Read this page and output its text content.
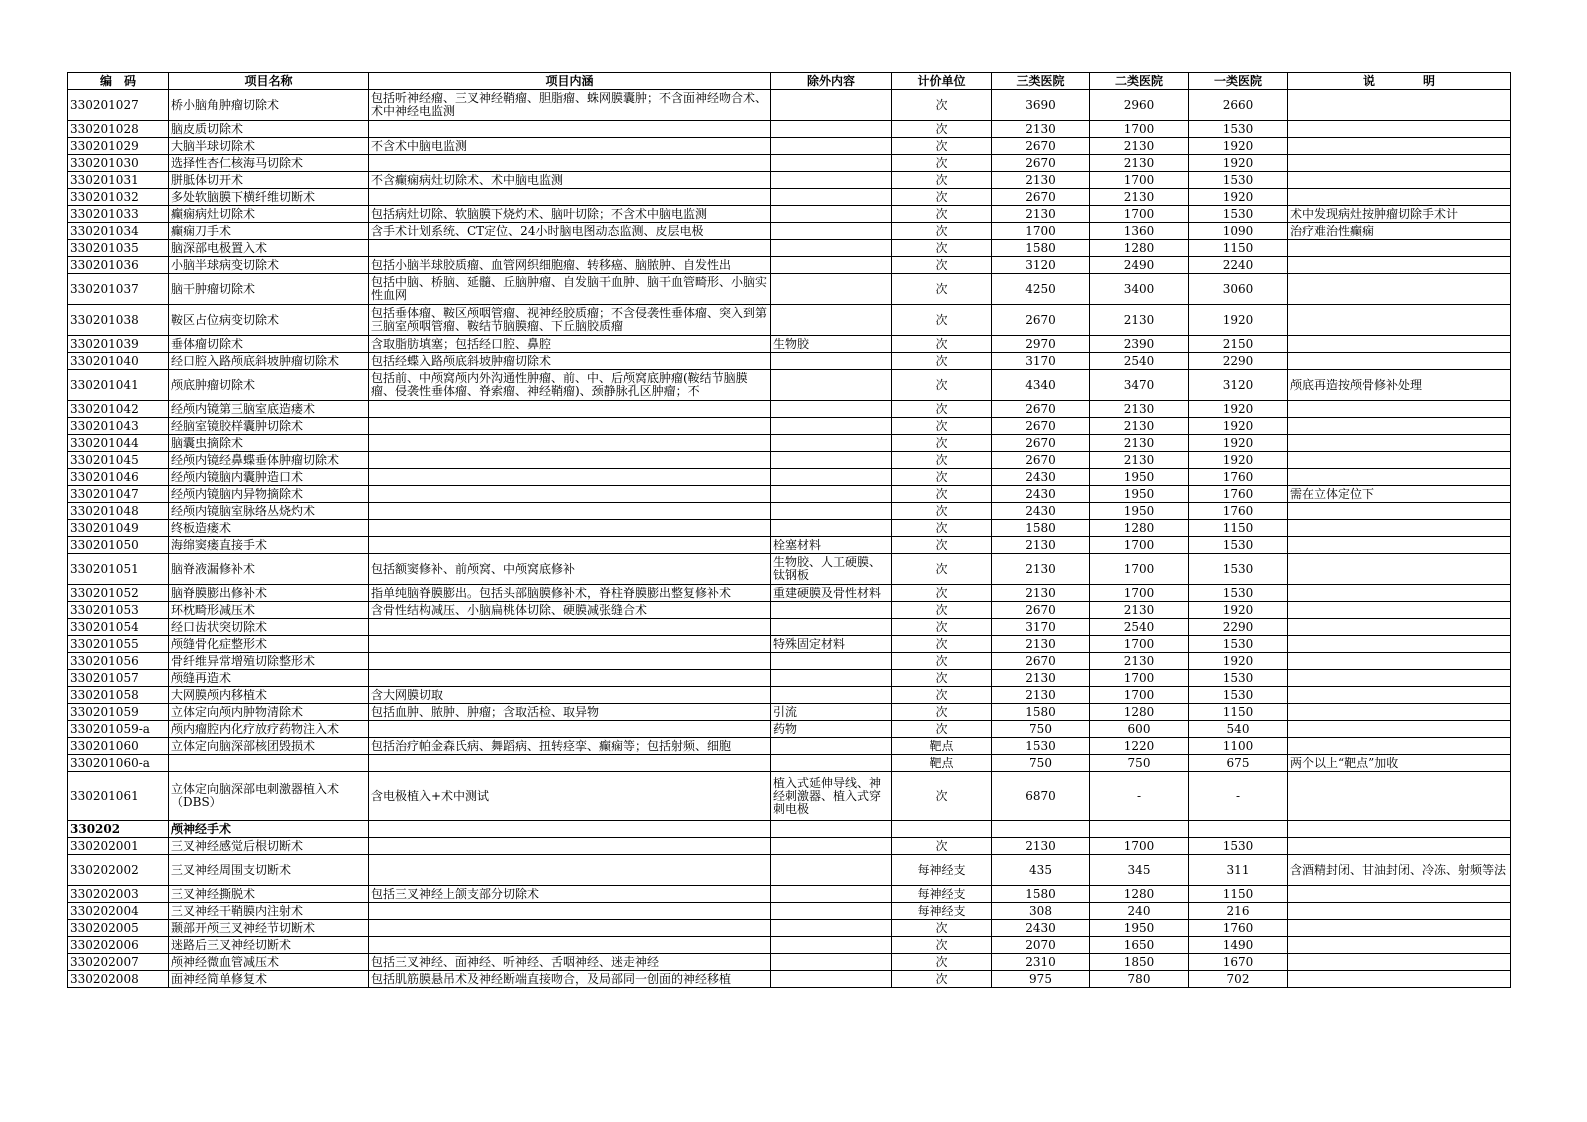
编　码	项目名称	项目内涵	除外内容	计价单位	三类医院	二类医院	一类医院	说　　　　明
330201027	桥小脑角肿瘤切除术	包括听神经瘤、三叉神经鞘瘤、胆脂瘤、蛛网膜囊肿；不含面神经吻合术、术中神经电监测		次	3690	2960	2660	
330201028	脑皮质切除术			次	2130	1700	1530	
330201029	大脑半球切除术	不含术中脑电监测		次	2670	2130	1920	
330201030	选择性杏仁核海马切除术			次	2670	2130	1920	
330201031	胼胝体切开术	不含癫痫病灶切除术、术中脑电监测		次	2130	1700	1530	
330201032	多处软脑膜下横纤维切断术			次	2670	2130	1920	
330201033	癫痫病灶切除术	包括病灶切除、软脑膜下烧灼术、脑叶切除；不含术中脑电监测		次	2130	1700	1530	术中发现病灶按肿瘤切除手术计
330201034	癫痫刀手术	含手术计划系统、CT定位、24小时脑电图动态监测、皮层电极		次	1700	1360	1090	治疗难治性癫痫
330201035	脑深部电极置入术			次	1580	1280	1150	
330201036	小脑半球病变切除术	包括小脑半球胶质瘤、血管网织细胞瘤、转移癌、脑脓肿、自发性出		次	3120	2490	2240	
330201037	脑干肿瘤切除术	包括中脑、桥脑、延髓、丘脑肿瘤、自发脑干血肿、脑干血管畸形、小脑实性血网		次	4250	3400	3060	
330201038	鞍区占位病变切除术	包括垂体瘤、鞍区颅咽管瘤、视神经胶质瘤；不含侵袭性垂体瘤、突入到第三脑室颅咽管瘤、鞍结节脑膜瘤、下丘脑胶质瘤		次	2670	2130	1920	
330201039	垂体瘤切除术	含取脂肪填塞；包括经口腔、鼻腔	生物胶	次	2970	2390	2150	
330201040	经口腔入路颅底斜坡肿瘤切除术	包括经蝶入路颅底斜坡肿瘤切除术		次	3170	2540	2290	
330201041	颅底肿瘤切除术	包括前、中颅窝颅内外沟通性肿瘤、前、中、后颅窝底肿瘤(鞍结节脑膜瘤、侵袭性垂体瘤、脊索瘤、神经鞘瘤)、颈静脉孔区肿瘤；不		次	4340	3470	3120	颅底再造按颅骨修补处理
330201042	经颅内镜第三脑室底造瘘术			次	2670	2130	1920	
330201043	经脑室镜胶样囊肿切除术			次	2670	2130	1920	
330201044	脑囊虫摘除术			次	2670	2130	1920	
330201045	经颅内镜经鼻蝶垂体肿瘤切除术			次	2670	2130	1920	
330201046	经颅内镜脑内囊肿造口术			次	2430	1950	1760	
330201047	经颅内镜脑内异物摘除术			次	2430	1950	1760	需在立体定位下
330201048	经颅内镜脑室脉络丛烧灼术			次	2430	1950	1760	
330201049	终板造瘘术			次	1580	1280	1150	
330201050	海绵窦瘘直接手术		栓塞材料	次	2130	1700	1530	
330201051	脑脊液漏修补术	包括额窦修补、前颅窝、中颅窝底修补	生物胶、人工硬膜、钛钢板	次	2130	1700	1530	
330201052	脑脊膜膨出修补术	指单纯脑脊膜膨出。包括头部脑膜修补术，脊柱脊膜膨出整复修补术	重建硬膜及骨性材料	次	2130	1700	1530	
330201053	环枕畸形减压术	含骨性结构减压、小脑扁桃体切除、硬膜减张缝合术		次	2670	2130	1920	
330201054	经口齿状突切除术			次	3170	2540	2290	
330201055	颅缝骨化症整形术		特殊固定材料	次	2130	1700	1530	
330201056	骨纤维异常增殖切除整形术			次	2670	2130	1920	
330201057	颅缝再造术			次	2130	1700	1530	
330201058	大网膜颅内移植术	含大网膜切取		次	2130	1700	1530	
330201059	立体定向颅内肿物清除术	包括血肿、脓肿、肿瘤；含取活检、取异物	引流	次	1580	1280	1150	
330201059-a	颅内瘤腔内化疗放疗药物注入术		药物	次	750	600	540	
330201060	立体定向脑深部核团毁损术	包括治疗帕金森氏病、舞蹈病、扭转痉挛、癫痫等；包括射频、细胞		靶点	1530	1220	1100	
330201060-a				靶点	750	750	675	两个以上“靶点”加收
330201061	立体定向脑深部电刺激器植入术（DBS）	含电极植入+术中测试	植入式延伸导线、神经刺激器、植入式穿刺电极	次	6870	-	-	
330202	颅神经手术							
330202001	三叉神经感觉后根切断术			次	2130	1700	1530	
330202002	三叉神经周围支切断术			每神经支	435	345	311	含酒精封闭、甘油封闭、冷冻、射频等法
330202003	三叉神经撕脱术	包括三叉神经上颌支部分切除术		每神经支	1580	1280	1150	
330202004	三叉神经干鞘膜内注射术			每神经支	308	240	216	
330202005	颞部开颅三叉神经节切断术			次	2430	1950	1760	
330202006	迷路后三叉神经切断术			次	2070	1650	1490	
330202007	颅神经微血管减压术	包括三叉神经、面神经、听神经、舌咽神经、迷走神经		次	2310	1850	1670	
330202008	面神经简单修复术	包括肌筋膜悬吊术及神经断端直接吻合，及局部同一创面的神经移植		次	975	780	702	
